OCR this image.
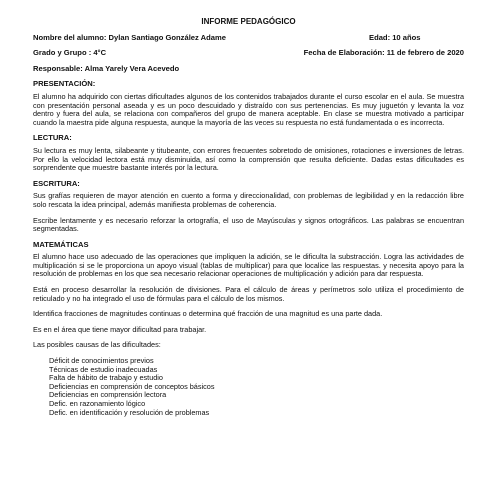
INFORME PEDAGÓGICO
Nombre del alumno: Dylan Santiago González Adame	Edad: 10 años
Grado y Grupo : 4°C	Fecha de Elaboración: 11 de febrero de 2020
Responsable: Alma Yarely Vera Acevedo
PRESENTACIÓN:

El alumno ha adquirido con ciertas dificultades algunos de los contenidos trabajados durante el curso escolar en el aula. Se muestra con presentación personal aseada y es un poco descuidado y distraído con sus pertenencias. Es muy juguetón y levanta la voz dentro y fuera del aula, se relaciona con compañeros del grupo de manera aceptable. En clase se muestra motivado a participar cuando la maestra pide alguna respuesta, aunque la mayoría de las veces su respuesta no está fundamentada o es incorrecta.

LECTURA:

Su lectura es muy lenta, silabeante y titubeante, con errores frecuentes sobretodo de omisiones, rotaciones e inversiones de letras. Por ello la velocidad lectora está muy disminuida, así como la comprensión que resulta deficiente. Dadas estas dificultades es sorprendente que muestre bastante interés por la lectura.

ESCRITURA:

Sus grafías requieren de mayor atención en cuento a forma y direccionalidad, con problemas de legibilidad y en la redacción libre solo rescata la idea principal, además manifiesta problemas de coherencia.

Escribe lentamente y es necesario reforzar la ortografía, el uso de Mayúsculas y signos ortográficos. Las palabras se encuentran segmentadas.

MATEMÁTICAS

El alumno hace uso adecuado de las operaciones que impliquen la adición, se le dificulta la substracción. Logra las actividades de multiplicación si se le proporciona un apoyo visual (tablas de multiplicar) para que localice las respuestas. y necesita apoyo para la resolución de problemas en los que sea necesario relacionar operaciones de multiplicación y adición para dar respuesta.

Está en proceso desarrollar la resolución de divisiones. Para el cálculo de áreas y perímetros solo utiliza el procedimiento de reticulado y no ha integrado el uso de fórmulas para el cálculo de los mismos.

Identifica fracciones de magnitudes continuas o determina qué fracción de una magnitud es una parte dada.

Es en el área que tiene mayor dificultad para trabajar.

Las posibles causas de las dificultades:

Déficit de conocimientos previos
Técnicas de estudio inadecuadas
Falta de hábito de trabajo y estudio
Deficiencias en comprensión de conceptos básicos
Deficiencias en comprensión lectora
Defic. en razonamiento lógico
Defic. en identificación y resolución de problemas
